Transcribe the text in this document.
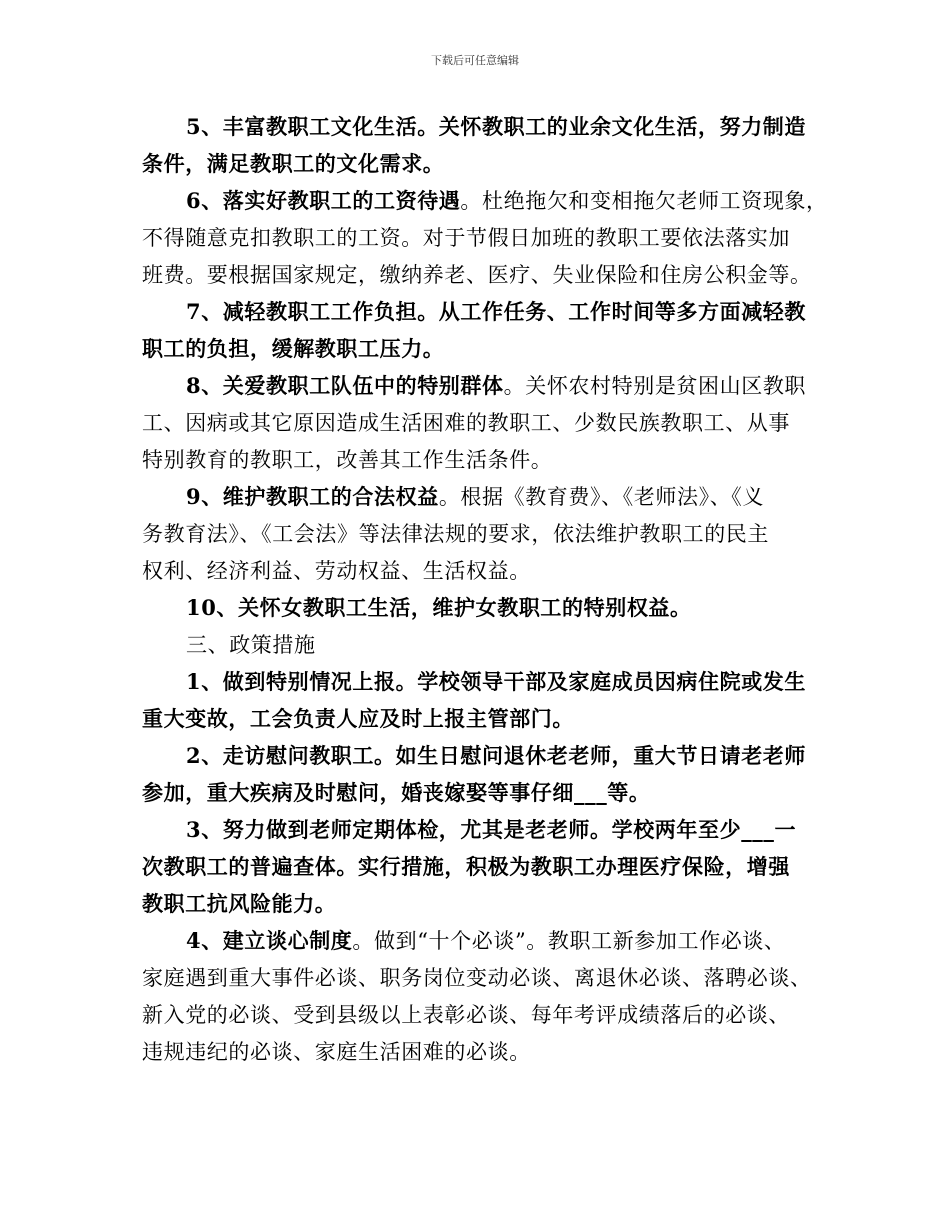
下载后可任意编辑
5、丰富教职工文化生活。关怀教职工的业余文化生活，努力制造
条件，满足教职工的文化需求。
6、落实好教职工的工资待遇。杜绝拖欠和变相拖欠老师工资现象，
不得随意克扣教职工的工资。对于节假日加班的教职工要依法落实加
班费。要根据国家规定，缴纳养老、医疗、失业保险和住房公积金等。
7、减轻教职工工作负担。从工作任务、工作时间等多方面减轻教
职工的负担，缓解教职工压力。
8、关爱教职工队伍中的特别群体。关怀农村特别是贫困山区教职
工、因病或其它原因造成生活困难的教职工、少数民族教职工、从事
特别教育的教职工，改善其工作生活条件。
9、维护教职工的合法权益。根据《教育费》、《老师法》、《义
务教育法》、《工会法》等法律法规的要求，依法维护教职工的民主
权利、经济利益、劳动权益、生活权益。
10、关怀女教职工生活，维护女教职工的特别权益。
三、政策措施
1、做到特别情况上报。学校领导干部及家庭成员因病住院或发生
重大变故，工会负责人应及时上报主管部门。
2、走访慰问教职工。如生日慰问退休老老师，重大节日请老老师
参加，重大疾病及时慰问，婚丧嫁娶等事仔细___等。
3、努力做到老师定期体检，尤其是老老师。学校两年至少___一
次教职工的普遍查体。实行措施，积极为教职工办理医疗保险，增强
教职工抗风险能力。
4、建立谈心制度。做到“十个必谈”。教职工新参加工作必谈、
家庭遇到重大事件必谈、职务岗位变动必谈、离退休必谈、落聘必谈、
新入党的必谈、受到县级以上表彰必谈、每年考评成绩落后的必谈、
违规违纪的必谈、家庭生活困难的必谈。
